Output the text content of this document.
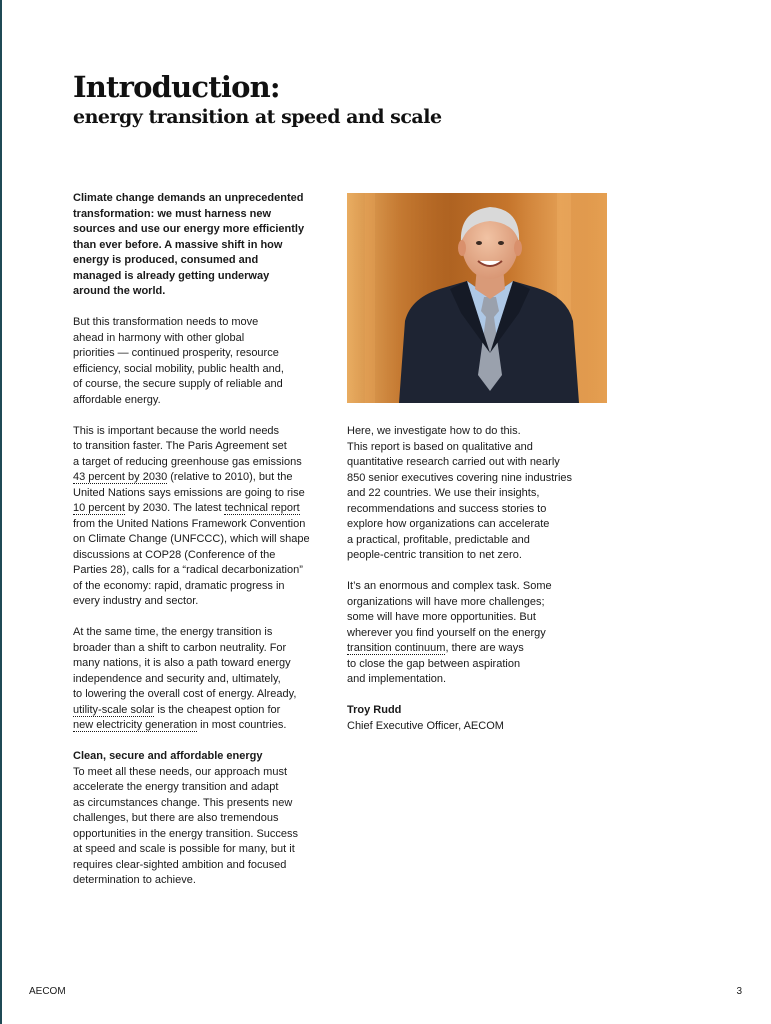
Introduction:
energy transition at speed and scale

Climate change demands an unprecedented
transformation: we must harness new
sources and use our energy more efficiently
than ever before. A massive shift in how
energy is produced, consumed and
managed is already getting underway
around the world.

But this transformation needs to move
ahead in harmony with other global
priorities — continued prosperity, resource
efficiency, social mobility, public health and,
of course, the secure supply of reliable and
affordable energy.

This is important because the world needs
to transition faster. The Paris Agreement set
a target of reducing greenhouse gas emissions
43 percent by 2030 (relative to 2010), but the
United Nations says emissions are going to rise
10 percent by 2030. The latest technical report
from the United Nations Framework Convention
on Climate Change (UNFCCC), which will shape
discussions at COP28 (Conference of the
Parties 28), calls for a “radical decarbonization”
of the economy: rapid, dramatic progress in
every industry and sector.

At the same time, the energy transition is
broader than a shift to carbon neutrality. For
many nations, it is also a path toward energy
independence and security and, ultimately,
to lowering the overall cost of energy. Already,
utility-scale solar is the cheapest option for
new electricity generation in most countries.

Clean, secure and affordable energy
To meet all these needs, our approach must
accelerate the energy transition and adapt
as circumstances change. This presents new
challenges, but there are also tremendous
opportunities in the energy transition. Success
at speed and scale is possible for many, but it
requires clear-sighted ambition and focused
determination to achieve.

Here, we investigate how to do this.
This report is based on qualitative and
quantitative research carried out with nearly
850 senior executives covering nine industries
and 22 countries. We use their insights,
recommendations and success stories to
explore how organizations can accelerate
a practical, profitable, predictable and
people-centric transition to net zero.

It’s an enormous and complex task. Some
organizations will have more challenges;
some will have more opportunities. But
wherever you find yourself on the energy
transition continuum, there are ways
to close the gap between aspiration
and implementation.

Troy Rudd
Chief Executive Officer, AECOM

AECOM	3
